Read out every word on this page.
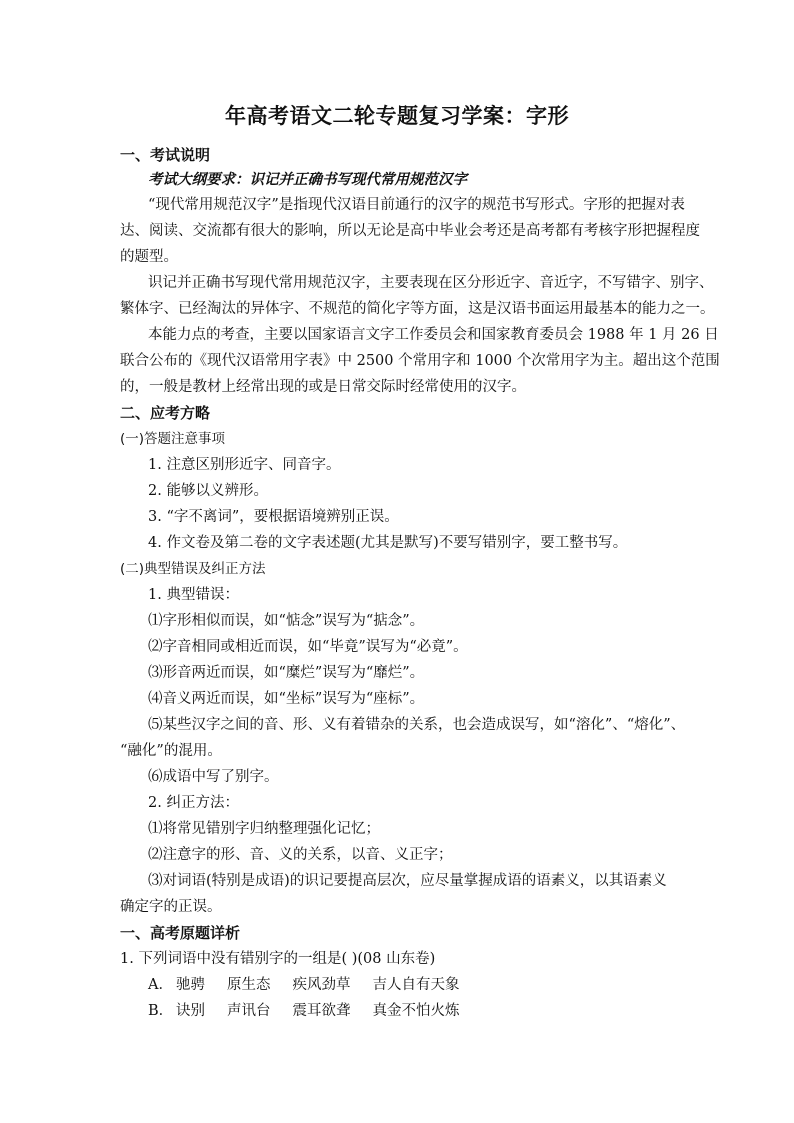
年高考语文二轮专题复习学案：字形
一、考试说明
考试大纲要求：识记并正确书写现代常用规范汉字
“现代常用规范汉字”是指现代汉语目前通行的汉字的规范书写形式。字形的把握对表
达、阅读、交流都有很大的影响，所以无论是高中毕业会考还是高考都有考核字形把握程度
的题型。
识记并正确书写现代常用规范汉字，主要表现在区分形近字、音近字，不写错字、别字、
繁体字、已经淘汰的异体字、不规范的简化字等方面，这是汉语书面运用最基本的能力之一。
本能力点的考查，主要以国家语言文字工作委员会和国家教育委员会 1988 年 1 月 26 日
联合公布的《现代汉语常用字表》中 2500 个常用字和 1000 个次常用字为主。超出这个范围
的，一般是教材上经常出现的或是日常交际时经常使用的汉字。
二、应考方略
(一)答题注意事项
1. 注意区别形近字、同音字。
2. 能够以义辨形。
3. “字不离词”，要根据语境辨别正误。
4. 作文卷及第二卷的文字表述题(尤其是默写)不要写错别字，要工整书写。
(二)典型错误及纠正方法
1. 典型错误：
⑴字形相似而误，如“惦念”误写为“掂念”。
⑵字音相同或相近而误，如“毕竟”误写为“必竟”。
⑶形音两近而误，如“糜烂”误写为“靡烂”。
⑷音义两近而误，如“坐标”误写为“座标”。
⑸某些汉字之间的音、形、义有着错杂的关系，也会造成误写，如“溶化”、“熔化”、
“融化”的混用。
⑹成语中写了别字。
2. 纠正方法：
⑴将常见错别字归纳整理强化记忆；
⑵注意字的形、音、义的关系，以音、义正字；
⑶对词语(特别是成语)的识记要提高层次，应尽量掌握成语的语素义，以其语素义
确定字的正误。
一、高考原题详析
1. 下列词语中没有错别字的一组是( )(08 山东卷)
A． 驰骋 原生态 疾风劲草 吉人自有天象
B． 诀别 声讯台 震耳欲聋 真金不怕火炼
